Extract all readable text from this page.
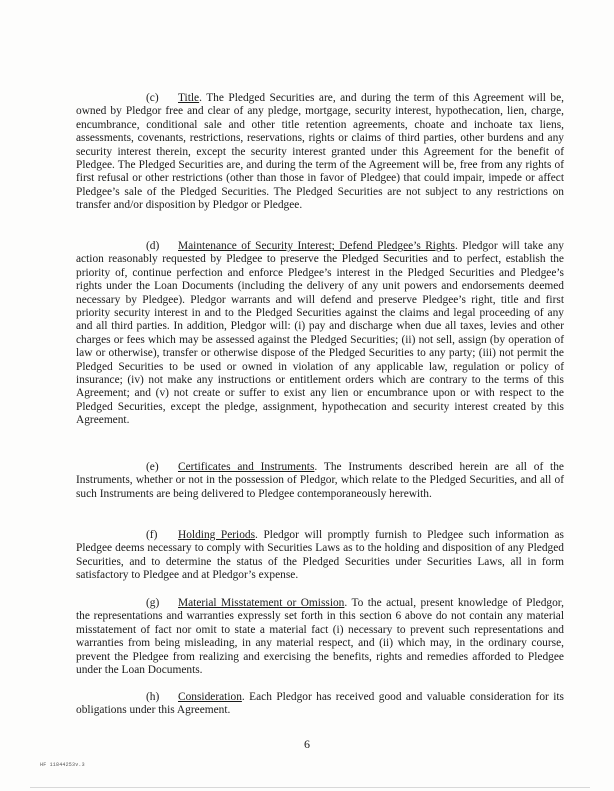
(c) Title. The Pledged Securities are, and during the term of this Agreement will be, owned by Pledgor free and clear of any pledge, mortgage, security interest, hypothecation, lien, charge, encumbrance, conditional sale and other title retention agreements, choate and inchoate tax liens, assessments, covenants, restrictions, reservations, rights or claims of third parties, other burdens and any security interest therein, except the security interest granted under this Agreement for the benefit of Pledgee. The Pledged Securities are, and during the term of the Agreement will be, free from any rights of first refusal or other restrictions (other than those in favor of Pledgee) that could impair, impede or affect Pledgee’s sale of the Pledged Securities. The Pledged Securities are not subject to any restrictions on transfer and/or disposition by Pledgor or Pledgee.

(d) Maintenance of Security Interest; Defend Pledgee’s Rights. Pledgor will take any action reasonably requested by Pledgee to preserve the Pledged Securities and to perfect, establish the priority of, continue perfection and enforce Pledgee’s interest in the Pledged Securities and Pledgee’s rights under the Loan Documents (including the delivery of any unit powers and endorsements deemed necessary by Pledgee). Pledgor warrants and will defend and preserve Pledgee’s right, title and first priority security interest in and to the Pledged Securities against the claims and legal proceeding of any and all third parties. In addition, Pledgor will: (i) pay and discharge when due all taxes, levies and other charges or fees which may be assessed against the Pledged Securities; (ii) not sell, assign (by operation of law or otherwise), transfer or otherwise dispose of the Pledged Securities to any party; (iii) not permit the Pledged Securities to be used or owned in violation of any applicable law, regulation or policy of insurance; (iv) not make any instructions or entitlement orders which are contrary to the terms of this Agreement; and (v) not create or suffer to exist any lien or encumbrance upon or with respect to the Pledged Securities, except the pledge, assignment, hypothecation and security interest created by this Agreement.

(e) Certificates and Instruments. The Instruments described herein are all of the Instruments, whether or not in the possession of Pledgor, which relate to the Pledged Securities, and all of such Instruments are being delivered to Pledgee contemporaneously herewith.

(f) Holding Periods. Pledgor will promptly furnish to Pledgee such information as Pledgee deems necessary to comply with Securities Laws as to the holding and disposition of any Pledged Securities, and to determine the status of the Pledged Securities under Securities Laws, all in form satisfactory to Pledgee and at Pledgor’s expense.

(g) Material Misstatement or Omission. To the actual, present knowledge of Pledgor, the representations and warranties expressly set forth in this section 6 above do not contain any material misstatement of fact nor omit to state a material fact (i) necessary to prevent such representations and warranties from being misleading, in any material respect, and (ii) which may, in the ordinary course, prevent the Pledgee from realizing and exercising the benefits, rights and remedies afforded to Pledgee under the Loan Documents.

(h) Consideration. Each Pledgor has received good and valuable consideration for its obligations under this Agreement.

6
HF 11844253v.3
